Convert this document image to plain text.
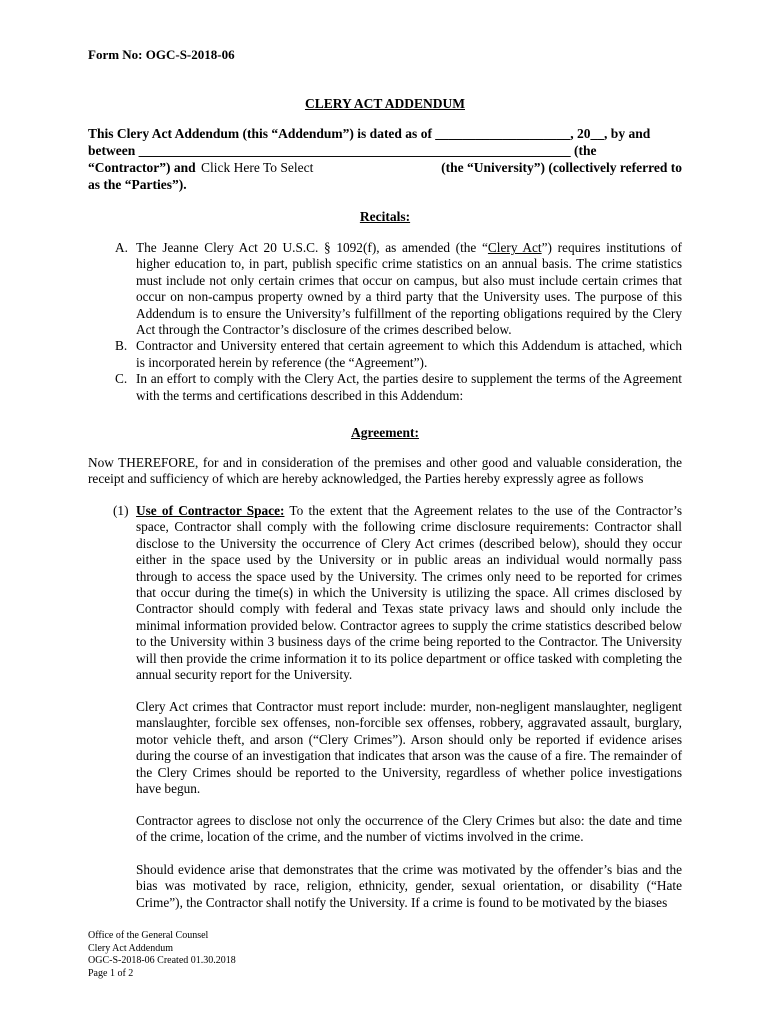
Form No: OGC-S-2018-06
CLERY ACT ADDENDUM
This Clery Act Addendum (this “Addendum”) is dated as of ____________________, 20__, by and
between ________________________________________________________________ (the
“Contractor”) and Click Here To Select	(the “University”) (collectively referred to
as the “Parties”).
Recitals:
A. The Jeanne Clery Act 20 U.S.C. § 1092(f), as amended (the “Clery Act”) requires institutions of higher education to, in part, publish specific crime statistics on an annual basis. The crime statistics must include not only certain crimes that occur on campus, but also must include certain crimes that occur on non-campus property owned by a third party that the University uses. The purpose of this Addendum is to ensure the University’s fulfillment of the reporting obligations required by the Clery Act through the Contractor’s disclosure of the crimes described below.
B. Contractor and University entered that certain agreement to which this Addendum is attached, which is incorporated herein by reference (the “Agreement”).
C. In an effort to comply with the Clery Act, the parties desire to supplement the terms of the Agreement with the terms and certifications described in this Addendum:
Agreement:
Now THEREFORE, for and in consideration of the premises and other good and valuable consideration, the receipt and sufficiency of which are hereby acknowledged, the Parties hereby expressly agree as follows
(1) Use of Contractor Space: To the extent that the Agreement relates to the use of the Contractor’s space, Contractor shall comply with the following crime disclosure requirements: Contractor shall disclose to the University the occurrence of Clery Act crimes (described below), should they occur either in the space used by the University or in public areas an individual would normally pass through to access the space used by the University. The crimes only need to be reported for crimes that occur during the time(s) in which the University is utilizing the space. All crimes disclosed by Contractor should comply with federal and Texas state privacy laws and should only include the minimal information provided below. Contractor agrees to supply the crime statistics described below to the University within 3 business days of the crime being reported to the Contractor. The University will then provide the crime information it to its police department or office tasked with completing the annual security report for the University.
Clery Act crimes that Contractor must report include: murder, non-negligent manslaughter, negligent manslaughter, forcible sex offenses, non-forcible sex offenses, robbery, aggravated assault, burglary, motor vehicle theft, and arson (“Clery Crimes”). Arson should only be reported if evidence arises during the course of an investigation that indicates that arson was the cause of a fire. The remainder of the Clery Crimes should be reported to the University, regardless of whether police investigations have begun.
Contractor agrees to disclose not only the occurrence of the Clery Crimes but also: the date and time of the crime, location of the crime, and the number of victims involved in the crime.
Should evidence arise that demonstrates that the crime was motivated by the offender’s bias and the bias was motivated by race, religion, ethnicity, gender, sexual orientation, or disability (“Hate Crime”), the Contractor shall notify the University. If a crime is found to be motivated by the biases
Office of the General Counsel
Clery Act Addendum
OGC-S-2018-06 Created 01.30.2018
Page 1 of 2
